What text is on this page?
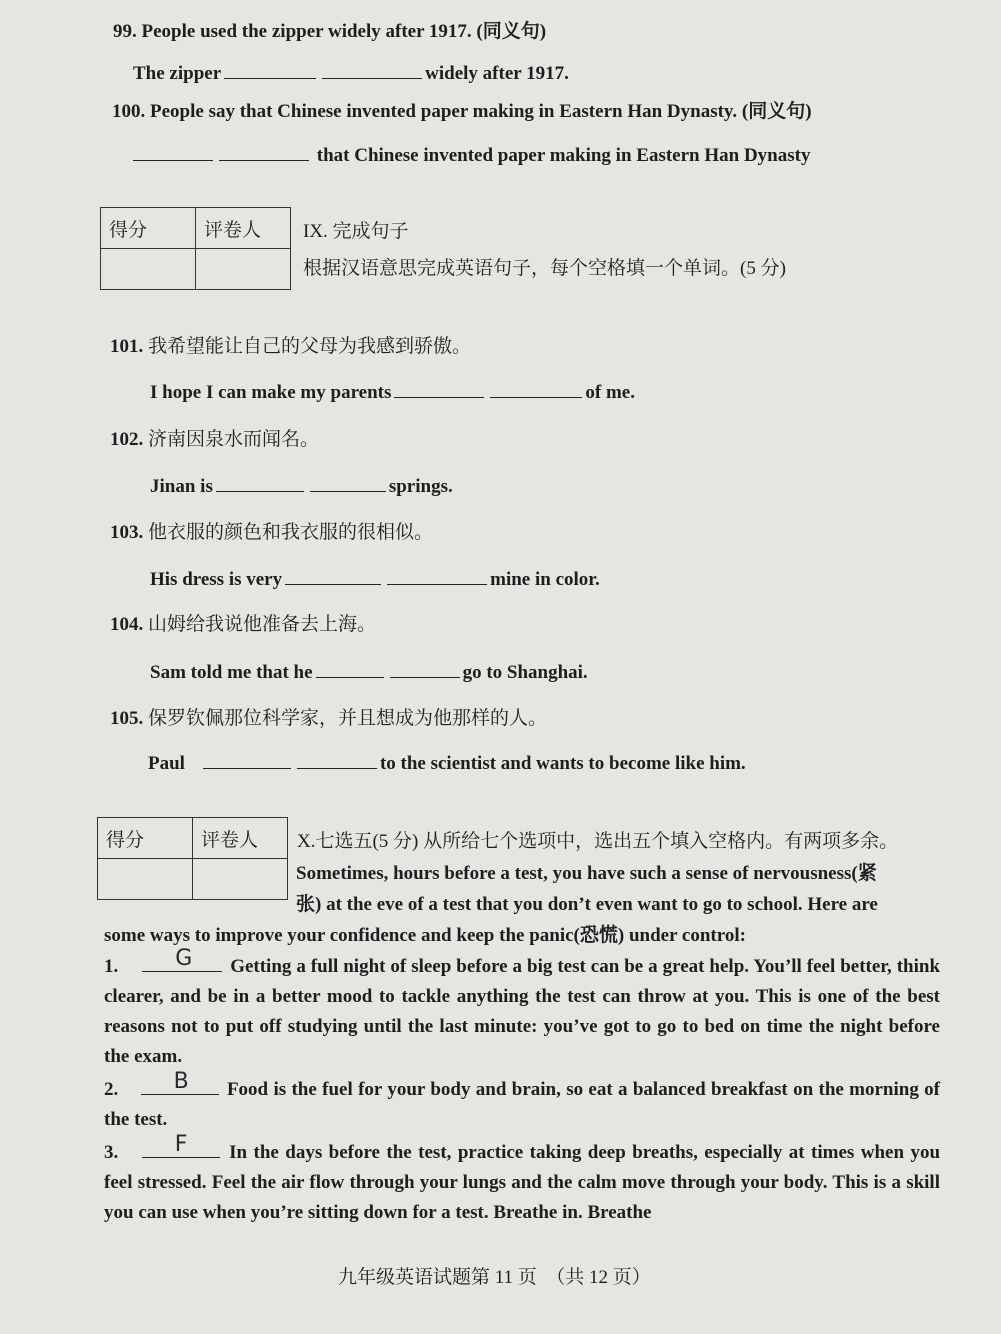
99. People used the zipper widely after 1917. (同义句)
The zipper	widely after 1917.
100. People say that Chinese invented paper making in Eastern Han Dynasty. (同义句)
that Chinese invented paper making in Eastern Han Dynasty
得分	评卷人
	IX. 完成句子
根据汉语意思完成英语句子，每个空格填一个单词。(5 分)
101. 我希望能让自己的父母为我感到骄傲。
I hope I can make my parents	of me.
102. 济南因泉水而闻名。
Jinan is	springs.
103. 他衣服的颜色和我衣服的很相似。
His dress is very	mine in color.
104. 山姆给我说他准备去上海。
Sam told me that he	go to Shanghai.
105. 保罗钦佩那位科学家，并且想成为他那样的人。
Paul	to the scientist and wants to become like him.
得分	评卷人
	X.七选五(5 分) 从所给七个选项中，选出五个填入空格内。有两项多余。
Sometimes, hours before a test, you have such a sense of nervousness(紧
张) at the eve of a test that you don’t even want to go to school. Here are
some ways to improve your confidence and keep the panic(恐慌) under control:
1.	G Getting a full night of sleep before a big test can be a great help. You’ll feel better, think clearer, and be in a better mood to tackle anything the test can throw at you. This is one of the best reasons not to put off studying until the last minute: you’ve got to go to bed on time the night before the exam.
2.	B Food is the fuel for your body and brain, so eat a balanced breakfast on the morning of the test.
3.	F In the days before the test, practice taking deep breaths, especially at times when you feel stressed. Feel the air flow through your lungs and the calm move through your body. This is a skill you can use when you’re sitting down for a test. Breathe in. Breathe
九年级英语试题第 11 页　（共 12 页）
